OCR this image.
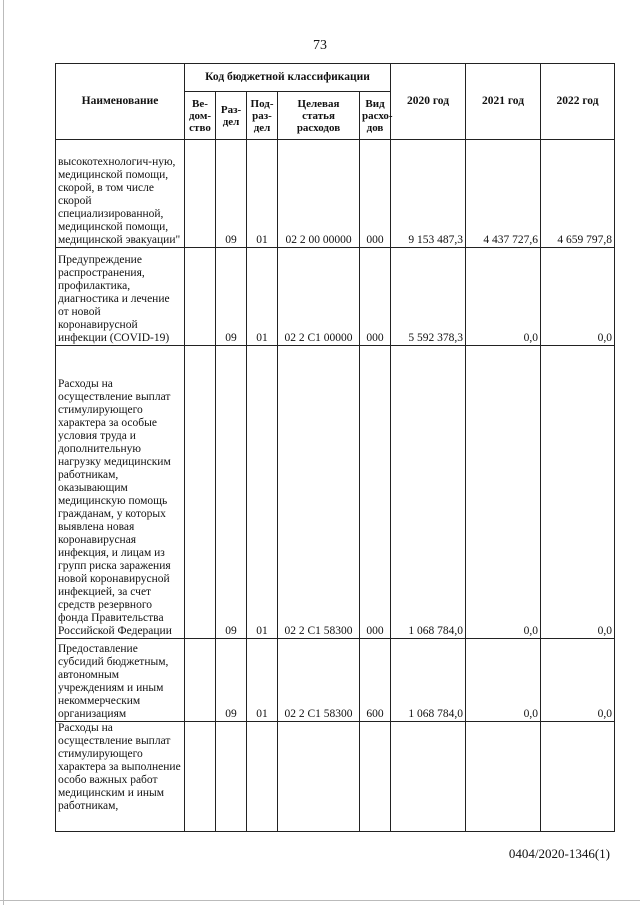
73
Наименование	Код бюджетной классификации					2020 год	2021 год	2022 год
	Ве-дом-ство	Раз-дел	Под-раз-дел	Целевая статья расходов	Вид расхо-дов			
высокотехнологич-ную, медицинской помощи, скорой, в том числе скорой специализированной, медицинской помощи, медицинской эвакуации"		09	01	02 2 00 00000	000	9 153 487,3	4 437 727,6	4 659 797,8
Предупреждение распространения, профилактика, диагностика и лечение от новой коронавирусной инфекции (COVID-19)		09	01	02 2 С1 00000	000	5 592 378,3	0,0	0,0
Расходы на осуществление выплат стимулирующего характера за особые условия труда и дополнительную нагрузку медицинским работникам, оказывающим медицинскую помощь гражданам, у которых выявлена новая коронавирусная инфекция, и лицам из групп риска заражения новой коронавирусной инфекцией, за счет средств резервного фонда Правительства Российской Федерации		09	01	02 2 С1 58300	000	1 068 784,0	0,0	0,0
Предоставление субсидий бюджетным, автономным учреждениям и иным некоммерческим организациям		09	01	02 2 С1 58300	600	1 068 784,0	0,0	0,0
Расходы на осуществление выплат стимулирующего характера за выполнение особо важных работ медицинским и иным работникам,								
0404/2020-1346(1)
